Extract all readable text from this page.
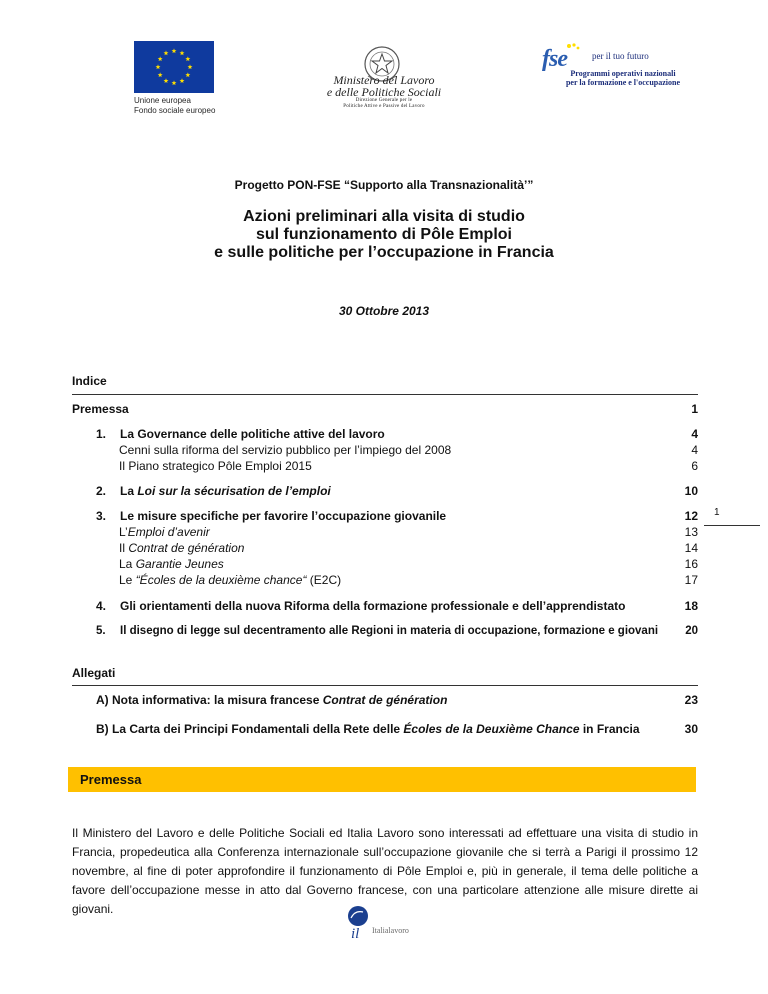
Unione europea
Fondo sociale europeo
Ministero del Lavoro
e delle Politiche Sociali
Direzione Generale per le
Politiche Attive e Passive del Lavoro
fse	per il tuo futuro
Programmi operativi nazionali
per la formazione e l'occupazione
Progetto PON-FSE “Supporto alla Transnazionalità’”
Azioni preliminari alla visita di studio
sul funzionamento di Pôle Emploi
e sulle politiche per l’occupazione in Francia
30 Ottobre 2013
Indice
Premessa	1
1.	La Governance delle politiche attive del lavoro	4
Cenni sulla riforma del servizio pubblico per l’impiego del 2008	4
Il Piano strategico Pôle Emploi 2015	6
2.	La Loi sur la sécurisation de l’emploi	10
3.	Le misure specifiche per favorire l’occupazione giovanile	12
L’Emploi d’avenir	13
Il Contrat de génération	14
La Garantie Jeunes	16
Le “Écoles de la deuxième chance“ (E2C)	17
4.	Gli orientamenti della nuova Riforma della formazione professionale e dell’apprendistato	18
5.	Il disegno di legge sul decentramento alle Regioni in materia di occupazione, formazione e giovani	20
Allegati
A) Nota informativa: la misura francese Contrat de génération	23
B) La Carta dei Principi Fondamentali della Rete delle Écoles de la Deuxième Chance in Francia	30
Premessa
Il Ministero del Lavoro e delle Politiche Sociali ed Italia Lavoro sono interessati ad effettuare una visita di studio in Francia, propedeutica alla Conferenza internazionale sull’occupazione giovanile che si terrà a Parigi il prossimo 12 novembre, al fine di poter approfondire il funzionamento di Pôle Emploi e, più in generale, il tema delle politiche a favore dell’occupazione messe in atto dal Governo francese, con una particolare attenzione alle misure dirette ai giovani.
1
il Italialavoro
